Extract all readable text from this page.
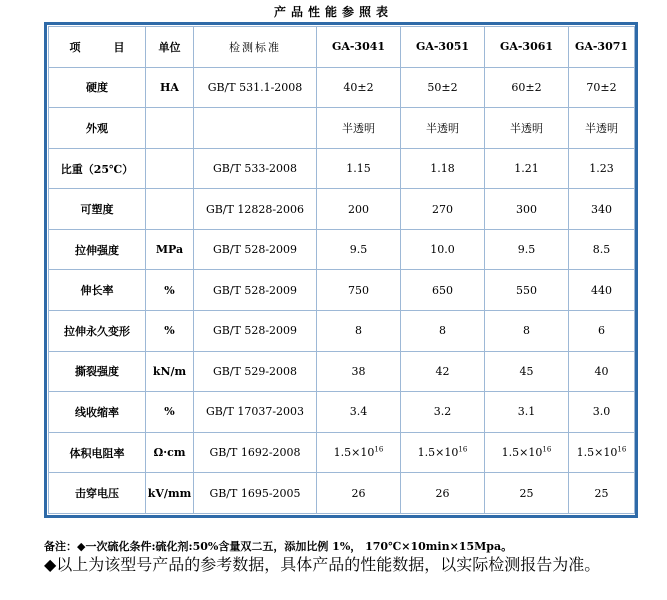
产品性能参照表
项　　　目	单位	检测标准	GA-3041	GA-3051	GA-3061	GA-3071
硬度	HA	GB/T 531.1-2008	40±2	50±2	60±2	70±2
外观			半透明	半透明	半透明	半透明
比重（25℃）		GB/T 533-2008	1.15	1.18	1.21	1.23
可塑度		GB/T 12828-2006	200	270	300	340
拉伸强度	MPa	GB/T 528-2009	9.5	10.0	9.5	8.5
伸长率	%	GB/T 528-2009	750	650	550	440
拉伸永久变形	%	GB/T 528-2009	8	8	8	6
撕裂强度	kN/m	GB/T 529-2008	38	42	45	40
线收缩率	%	GB/T 17037-2003	3.4	3.2	3.1	3.0
体积电阻率	Ω·cm	GB/T 1692-2008	$1.5\times 10^{16}$	$1.5\times 10^{16}$	$1.5\times 10^{16}$	$1.5\times 10^{16}$
击穿电压	kV/mm	GB/T 1695-2005	26	26	25	25
备注：◆一次硫化条件:硫化剂:50%含量双二五，添加比例 1%， 170℃×10min×15Mpa。
◆以上为该型号产品的参考数据，具体产品的性能数据，以实际检测报告为准。
